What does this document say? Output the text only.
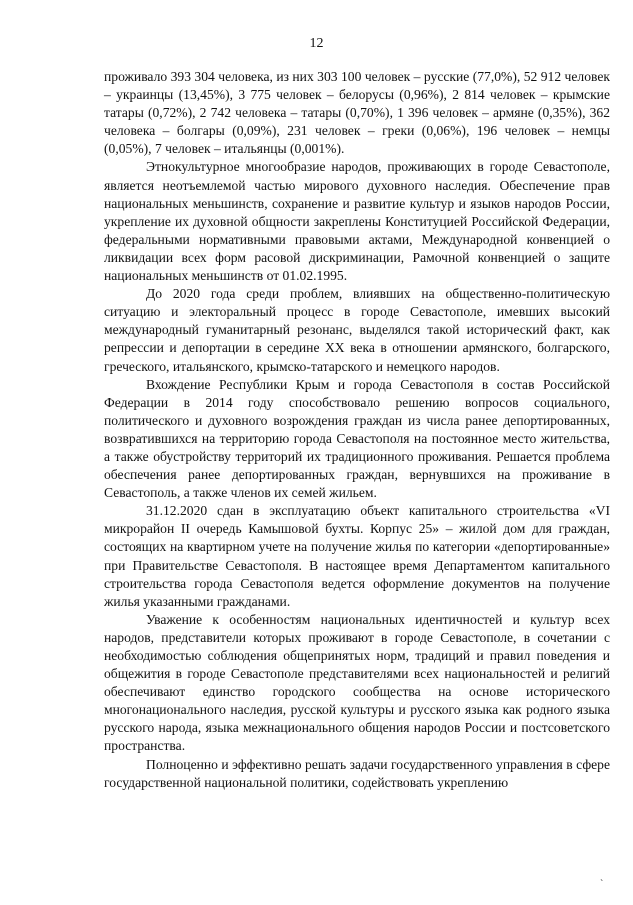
12

проживало 393 304 человека, из них 303 100 человек – русские (77,0%), 52 912 человек – украинцы (13,45%), 3 775 человек – белорусы (0,96%), 2 814 человек – крымские татары (0,72%), 2 742 человека – татары (0,70%), 1 396 человек – армяне (0,35%), 362 человека – болгары (0,09%), 231 человек – греки (0,06%), 196 человек – немцы (0,05%), 7 человек – итальянцы (0,001%).

Этнокультурное многообразие народов, проживающих в городе Севастополе, является неотъемлемой частью мирового духовного наследия. Обеспечение прав национальных меньшинств, сохранение и развитие культур и языков народов России, укрепление их духовной общности закреплены Конституцией Российской Федерации, федеральными нормативными правовыми актами, Международной конвенцией о ликвидации всех форм расовой дискриминации, Рамочной конвенцией о защите национальных меньшинств от 01.02.1995.

До 2020 года среди проблем, влиявших на общественно-политическую ситуацию и электоральный процесс в городе Севастополе, имевших высокий международный гуманитарный резонанс, выделялся такой исторический факт, как репрессии и депортации в середине XX века в отношении армянского, болгарского, греческого, итальянского, крымско-татарского и немецкого народов.

Вхождение Республики Крым и города Севастополя в состав Российской Федерации в 2014 году способствовало решению вопросов социального, политического и духовного возрождения граждан из числа ранее депортированных, возвратившихся на территорию города Севастополя на постоянное место жительства, а также обустройству территорий их традиционного проживания. Решается проблема обеспечения ранее депортированных граждан, вернувшихся на проживание в Севастополь, а также членов их семей жильем.

31.12.2020 сдан в эксплуатацию объект капитального строительства «VI микрорайон II очередь Камышовой бухты. Корпус 25» – жилой дом для граждан, состоящих на квартирном учете на получение жилья по категории «депортированные» при Правительстве Севастополя. В настоящее время Департаментом капитального строительства города Севастополя ведется оформление документов на получение жилья указанными гражданами.

Уважение к особенностям национальных идентичностей и культур всех народов, представители которых проживают в городе Севастополе, в сочетании с необходимостью соблюдения общепринятых норм, традиций и правил поведения и общежития в городе Севастополе представителями всех национальностей и религий обеспечивают единство городского сообщества на основе исторического многонационального наследия, русской культуры и русского языка как родного языка русского народа, языка межнационального общения народов России и постсоветского пространства.

Полноценно и эффективно решать задачи государственного управления в сфере государственной национальной политики, содействовать укреплению

`
